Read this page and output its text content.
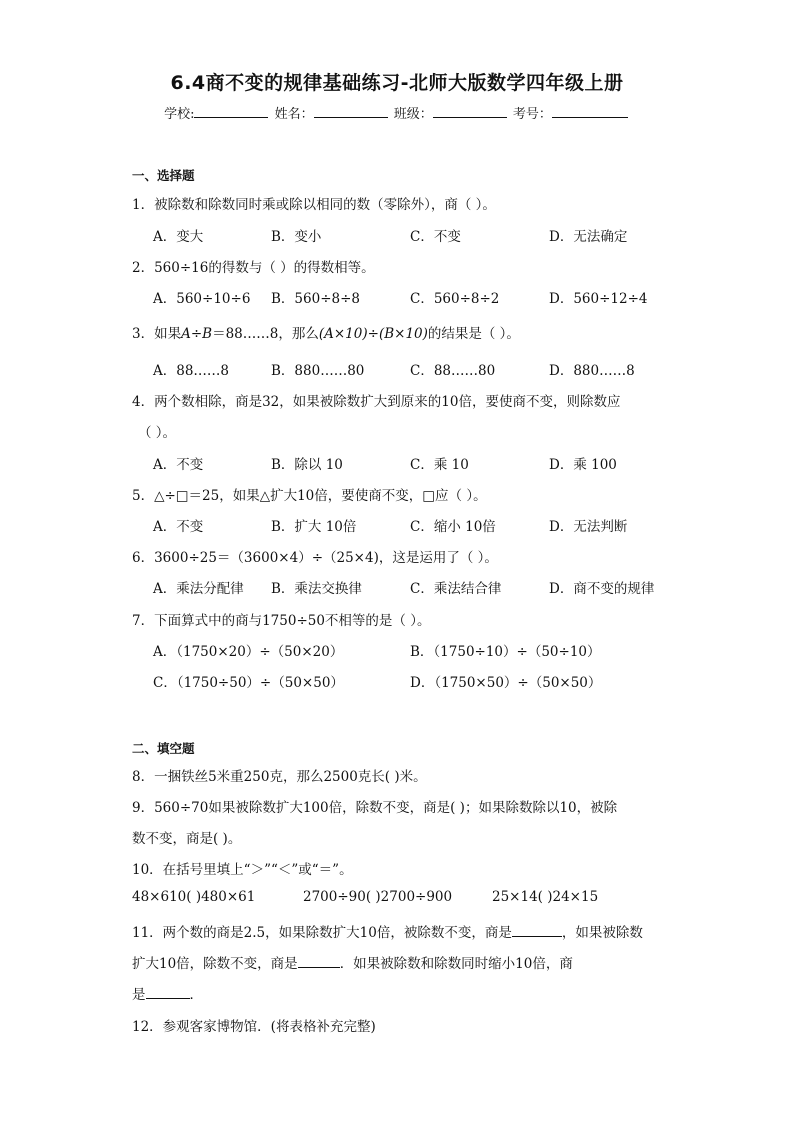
6.4商不变的规律基础练习-北师大版数学四年级上册
学校:	姓名：	班级：	考号：
一、选择题
1．被除数和除数同时乘或除以相同的数（零除外），商（ ）。
A．变大	B．变小	C．不变	D．无法确定
2．560÷16的得数与（ ）的得数相等。
A．560÷10÷6 B．560÷8÷8	C．560÷8÷2	D．560÷12÷4
3．如果A÷B＝88……8，那么(A×10)÷(B×10)的结果是（ ）。
A．88……8	B．880……80	C．88……80	D．880……8
4．两个数相除，商是32，如果被除数扩大到原来的10倍，要使商不变，则除数应
（ ）。
A．不变	B．除以 10	C．乘 10	D．乘 100
5．△÷□＝25，如果△扩大10倍，要使商不变，□应（ ）。
A．不变	B．扩大 10倍	C．缩小 10倍	D．无法判断
6．3600÷25＝（3600×4）÷（25×4)，这是运用了（ ）。
A．乘法分配律 B．乘法交换律	C．乘法结合律	D．商不变的规律
7．下面算式中的商与1750÷50不相等的是（ ）。
A．（1750×20）÷（50×20）	B．（1750÷10）÷（50÷10）
C．（1750÷50）÷（50×50）	D．（1750×50）÷（50×50）
二、填空题
8．一捆铁丝5米重250克，那么2500克长( )米。
9．560÷70如果被除数扩大100倍，除数不变，商是( )；如果除数除以10，被除
数不变，商是( )。
10．在括号里填上“＞”“＜”或“＝”。
48×610( )480×61	2700÷90( )2700÷900	25×14( )24×15
11．两个数的商是2.5，如果除数扩大10倍，被除数不变，商是	，如果被除数
扩大10倍，除数不变，商是	．如果被除数和除数同时缩小10倍，商
是	．
12．参观客家博物馆．(将表格补充完整)
